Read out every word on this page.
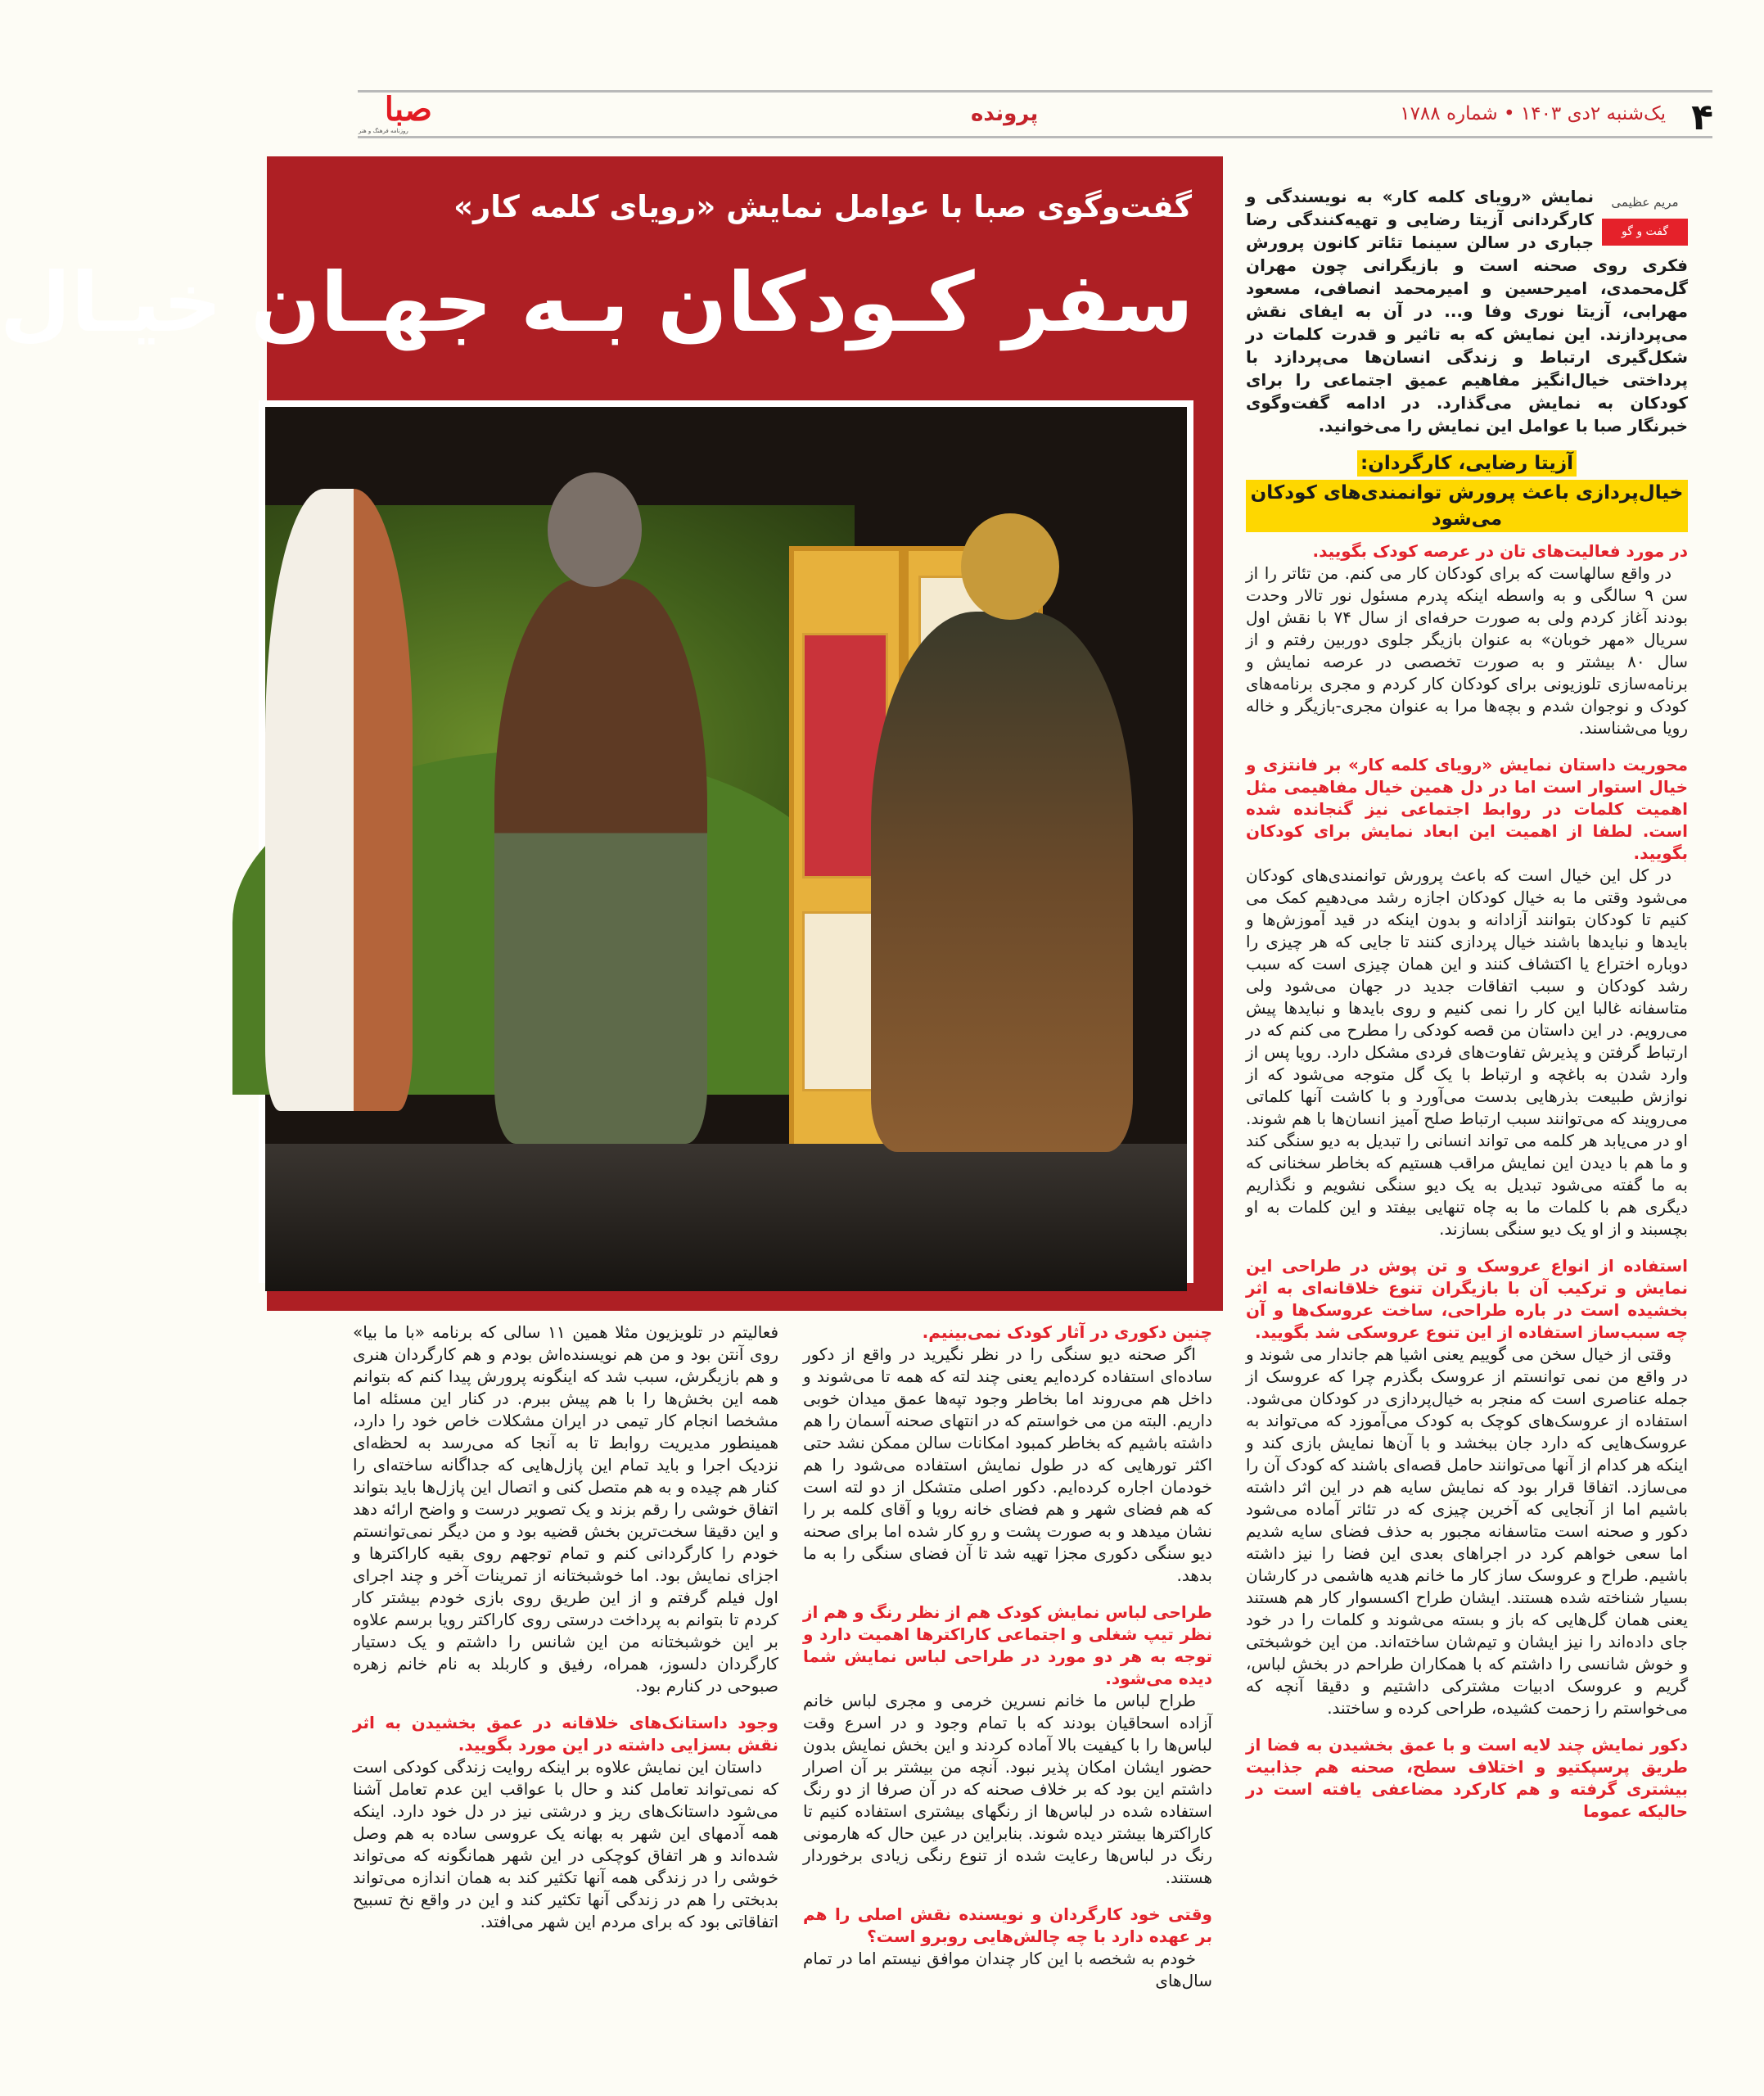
۴
یک‌شنبه ۲دی ۱۴۰۳ • شماره ۱۷۸۸
پرونده
صبا
روزنامه فرهنگ و هنر
گفت‌وگوی صبا با عوامل نمایش «رویای کلمه کار»
سفر کـودکان بـه جهـان خیـال
مریم عظیمی
گفت و گو

نمایش «رویای کلمه کار» به نویسندگی و کارگردانی آزیتا رضایی و تهیه‌کنندگی رضا جباری در سالن سینما تئاتر کانون پرورش فکری روی صحنه است و بازیگرانی چون مهران گل‌محمدی، امیرحسین و امیرمحمد انصافی، مسعود مهرابی، آزیتا نوری وفا و... در آن به ایفای نقش می‌پردازند. این نمایش که به تاثیر و قدرت کلمات در شکل‌گیری ارتباط و زندگی انسان‌ها می‌پردازد با پرداختی خیال‌انگیز مفاهیم عمیق اجتماعی را برای کودکان به نمایش می‌گذارد. در ادامه گفت‌وگوی خبرنگار صبا با عوامل این نمایش را می‌خوانید.

آزیتا رضایی، کارگردان:
خیال‌پردازی باعث پرورش توانمندی‌های کودکان می‌شود

در مورد فعالیت‌های تان در عرصه کودک بگویید.

در واقع سالهاست که برای کودکان کار می کنم. من تئاتر را از سن ۹ سالگی و به واسطه اینکه پدرم مسئول نور تالار وحدت بودند آغاز کردم ولی به صورت حرفه‌ای از سال ۷۴ با نقش اول سریال «مهر خوبان» به عنوان بازیگر جلوی دوربین رفتم و از سال ۸۰ بیشتر و به صورت تخصصی در عرصه نمایش و برنامه‌سازی تلوزیونی برای کودکان کار کردم و مجری برنامه‌های کودک و نوجوان شدم و بچه‌ها مرا به عنوان مجری-بازیگر و خاله رویا می‌شناسند.

محوریت داستان نمایش «رویای کلمه کار» بر فانتزی و خیال استوار است اما در دل همین خیال مفاهیمی مثل اهمیت کلمات در روابط اجتماعی نیز گنجانده شده است. لطفا از اهمیت این ابعاد نمایش برای کودکان بگویید.

در کل این خیال است که باعث پرورش توانمندی‌های کودکان می‌شود وقتی ما به خیال کودکان اجازه رشد می‌دهیم کمک می کنیم تا کودکان بتوانند آزادانه و بدون اینکه در قید آموزش‌ها و بایدها و نبایدها باشند خیال پردازی کنند تا جایی که هر چیزی را دوباره اختراع یا اکتشاف کنند و این همان چیزی است که سبب رشد کودکان و سبب اتفاقات جدید در جهان می‌شود ولی متاسفانه غالبا این کار را نمی کنیم و روی بایدها و نبایدها پیش می‌رویم. در این داستان من قصه کودکی را مطرح می کنم که در ارتباط گرفتن و پذیرش تفاوت‌های فردی مشکل دارد. رویا پس از وارد شدن به باغچه و ارتباط با یک گل متوجه می‌شود که از نوازش طبیعت بذرهایی بدست می‌آورد و با کاشت آنها کلماتی می‌رویند که می‌توانند سبب ارتباط صلح آمیز انسان‌ها با هم شوند. او در می‌یابد هر کلمه می تواند انسانی را تبدیل به دیو سنگی کند و ما هم با دیدن این نمایش مراقب هستیم که بخاطر سخنانی که به ما گفته می‌شود تبدیل به یک دیو سنگی نشویم و نگذاریم دیگری هم با کلمات ما به چاه تنهایی بیفتد و این کلمات به او بچسبند و از او یک دیو سنگی بسازند.

استفاده از انواع عروسک و تن پوش در طراحی این نمایش و ترکیب آن با بازیگران تنوع خلاقانه‌ای به اثر بخشیده است در باره طراحی، ساخت عروسک‌ها و آن چه سبب‌ساز استفاده از این تنوع عروسکی شد بگویید.

وقتی از خیال سخن می گوییم یعنی اشیا هم جاندار می شوند و در واقع من نمی توانستم از عروسک بگذرم چرا که عروسک از جمله عناصری است که منجر به خیال‌پردازی در کودکان می‌شود. استفاده از عروسک‌های کوچک به کودک می‌آموزد که می‌تواند به عروسک‌هایی که دارد جان ببخشد و با آن‌ها نمایش بازی کند و اینکه هر کدام از آنها می‌توانند حامل قصه‌ای باشند که کودک آن را می‌سازد. اتفاقا قرار بود که نمایش سایه هم در این اثر داشته باشیم اما از آنجایی که آخرین چیزی که در تئاتر آماده می‌شود دکور و صحنه است متاسفانه مجبور به حذف فضای سایه شدیم اما سعی خواهم کرد در اجراهای بعدی این فضا را نیز داشته باشیم. طراح و عروسک ساز کار ما خانم هدیه هاشمی در کارشان بسیار شناخته شده هستند. ایشان طراح اکسسوار کار هم هستند یعنی همان گل‌هایی که باز و بسته می‌شوند و کلمات را در خود جای داده‌اند را نیز ایشان و تیم‌شان ساخته‌اند. من این خوشبختی و خوش شانسی را داشتم که با همکاران طراحم در بخش لباس، گریم و عروسک ادبیات مشترکی داشتیم و دقیقا آنچه که می‌خواستم را زحمت کشیده، طراحی کرده و ساختند.

دکور نمایش چند لایه است و با عمق بخشیدن به فضا از طریق پرسپکتیو و اختلاف سطح، صحنه هم جذابیت بیشتری گرفته و هم کارکرد مضاعفی یافته است در حالیکه عموما

چنین دکوری در آثار کودک نمی‌بینیم.

اگر صحنه دیو سنگی را در نظر نگیرید در واقع از دکور ساده‌ای استفاده کرده‌ایم یعنی چند لته که همه تا می‌شوند و داخل هم می‌روند اما بخاطر وجود تپه‌ها عمق میدان خوبی داریم. البته من می خواستم که در انتهای صحنه آسمان را هم داشته باشیم که بخاطر کمبود امکانات سالن ممکن نشد حتی اکثر تورهایی که در طول نمایش استفاده می‌شود را هم خودمان اجاره کرده‌ایم. دکور اصلی متشکل از دو لته است که هم فضای شهر و هم فضای خانه رویا و آقای کلمه بر را نشان میدهد و به صورت پشت و رو کار شده اما برای صحنه دیو سنگی دکوری مجزا تهیه شد تا آن فضای سنگی را به ما بدهد.

طراحی لباس نمایش کودک هم از نظر رنگ و هم از نظر تیپ شغلی و اجتماعی کاراکترها اهمیت دارد و توجه به هر دو مورد در طراحی لباس نمایش شما دیده می‌شود.

طراح لباس ما خانم نسرین خرمی و مجری لباس خانم آزاده اسحاقیان بودند که با تمام وجود و در اسرع وقت لباس‌ها را با کیفیت بالا آماده کردند و این بخش نمایش بدون حضور ایشان امکان پذیر نبود. آنچه من بیشتر بر آن اصرار داشتم این بود که بر خلاف صحنه که در آن صرفا از دو رنگ استفاده شده در لباس‌ها از رنگهای بیشتری استفاده کنیم تا کاراکترها بیشتر دیده شوند. بنابراین در عین حال که هارمونی رنگ در لباس‌ها رعایت شده از تنوع رنگی زیادی برخوردار هستند.

وقتی خود کارگردان و نویسنده نقش اصلی را هم بر عهده دارد با چه چالش‌هایی روبرو است؟

خودم به شخصه با این کار چندان موافق نیستم اما در تمام سال‌های

فعالیتم در تلویزیون مثلا همین ۱۱ سالی که برنامه «با ما بیا» روی آنتن بود و من هم نویسنده‌اش بودم و هم کارگردان هنری و هم بازیگرش، سبب شد که اینگونه پرورش پیدا کنم که بتوانم همه این بخش‌ها را با هم پیش ببرم. در کنار این مسئله اما مشخصا انجام کار تیمی در ایران مشکلات خاص خود را دارد، همینطور مدیریت روابط تا به آنجا که می‌رسد به لحظه‌ای نزدیک اجرا و باید تمام این پازل‌هایی که جداگانه ساخته‌ای را کنار هم چیده و به هم متصل کنی و اتصال این پازل‌ها باید بتواند اتفاق خوشی را رقم بزند و یک تصویر درست و واضح ارائه دهد و این دقیقا سخت‌ترین بخش قضیه بود و من دیگر نمی‌توانستم خودم را کارگردانی کنم و تمام توجهم روی بقیه کاراکترها و اجزای نمایش بود. اما خوشبختانه از تمرینات آخر و چند اجرای اول فیلم گرفتم و از این طریق روی بازی خودم بیشتر کار کردم تا بتوانم به پرداخت درستی روی کاراکتر رویا برسم علاوه بر این خوشبختانه من این شانس را داشتم و یک دستیار کارگردان دلسوز، همراه، رفیق و کاربلد به نام خانم زهره صبوحی در کنارم بود.

وجود داستانک‌های خلاقانه در عمق بخشیدن به اثر نقش بسزایی داشته در این مورد بگویید.

داستان این نمایش علاوه بر اینکه روایت زندگی کودکی است که نمی‌تواند تعامل کند و حال با عواقب این عدم تعامل آشنا می‌شود داستانک‌های ریز و درشتی نیز در دل خود دارد. اینکه همه آدمهای این شهر به بهانه یک عروسی ساده به هم وصل شده‌اند و هر اتفاق کوچکی در این شهر همانگونه که می‌تواند خوشی را در زندگی همه آنها تکثیر کند به همان اندازه می‌تواند بدبختی را هم در زندگی آنها تکثیر کند و این در واقع نخ تسبیح اتفاقاتی بود که برای مردم این شهر می‌افتد.
